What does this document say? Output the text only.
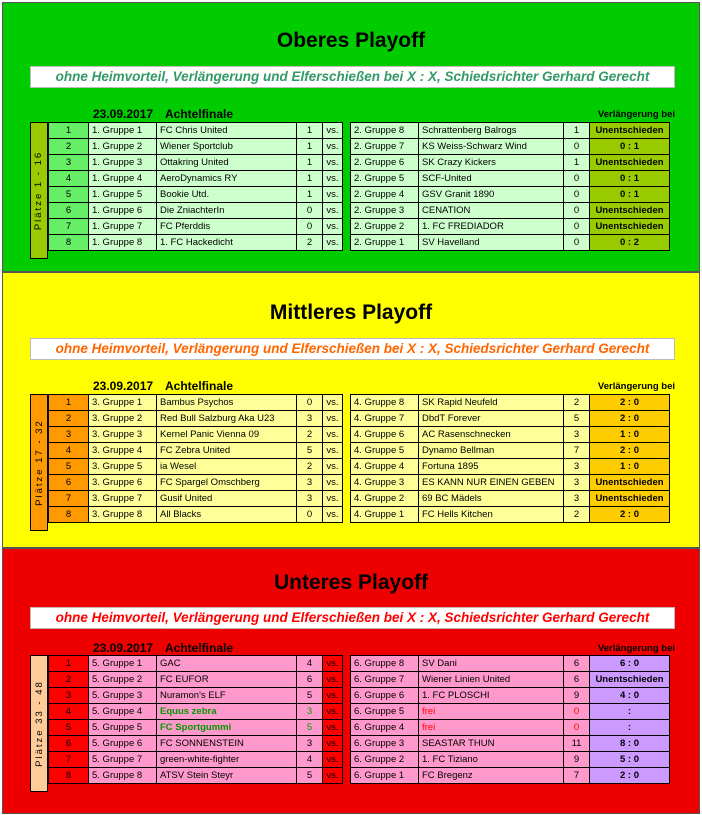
Oberes Playoff
ohne Heimvorteil, Verlängerung und Elferschießen bei X : X, Schiedsrichter Gerhard Gerecht
23.09.2017 Achtelfinale	Verlängerung bei
Plätze 1 - 16
1	1. Gruppe 1	FC Chris United	1	vs.		2. Gruppe 8	Schrattenberg Balrogs	1	Unentschieden
2	1. Gruppe 2	Wiener Sportclub	1	vs.		2. Gruppe 7	KS Weiss-Schwarz Wind	0	0 : 1
3	1. Gruppe 3	Ottakring United	1	vs.		2. Gruppe 6	SK Crazy Kickers	1	Unentschieden
4	1. Gruppe 4	AeroDynamics RY	1	vs.		2. Gruppe 5	SCF-United	0	0 : 1
5	1. Gruppe 5	Bookie Utd.	1	vs.		2. Gruppe 4	GSV Granit 1890	0	0 : 1
6	1. Gruppe 6	Die ZniachterIn	0	vs.		2. Gruppe 3	CENATION	0	Unentschieden
7	1. Gruppe 7	FC Pferddis	0	vs.		2. Gruppe 2	1. FC FREDIADOR	0	Unentschieden
8	1. Gruppe 8	1. FC Hackedicht	2	vs.		2. Gruppe 1	SV Havelland	0	0 : 2
Mittleres Playoff
ohne Heimvorteil, Verlängerung und Elferschießen bei X : X, Schiedsrichter Gerhard Gerecht
23.09.2017 Achtelfinale	Verlängerung bei
Plätze 17 - 32
1	3. Gruppe 1	Bambus Psychos	0	vs.		4. Gruppe 8	SK Rapid Neufeld	2	2 : 0
2	3. Gruppe 2	Red Bull Salzburg Aka U23	3	vs.		4. Gruppe 7	DbdT Forever	5	2 : 0
3	3. Gruppe 3	Kernel Panic Vienna 09	2	vs.		4. Gruppe 6	AC Rasenschnecken	3	1 : 0
4	3. Gruppe 4	FC Zebra United	5	vs.		4. Gruppe 5	Dynamo Bellman	7	2 : 0
5	3. Gruppe 5	ia Wesel	2	vs.		4. Gruppe 4	Fortuna 1895	3	1 : 0
6	3. Gruppe 6	FC Spargel Omschberg	3	vs.		4. Gruppe 3	ES KANN NUR EINEN GEBEN	3	Unentschieden
7	3. Gruppe 7	Gusif United	3	vs.		4. Gruppe 2	69 BC Mädels	3	Unentschieden
8	3. Gruppe 8	All Blacks	0	vs.		4. Gruppe 1	FC Hells Kitchen	2	2 : 0
Unteres Playoff
ohne Heimvorteil, Verlängerung und Elferschießen bei X : X, Schiedsrichter Gerhard Gerecht
23.09.2017 Achtelfinale	Verlängerung bei
Plätze 33 - 48
1	5. Gruppe 1	GAC	4	vs.		6. Gruppe 8	SV Dani	6	6 : 0
2	5. Gruppe 2	FC EUFOR	6	vs.		6. Gruppe 7	Wiener Linien United	6	Unentschieden
3	5. Gruppe 3	Nuramon's ELF	5	vs.		6. Gruppe 6	1. FC PLOSCHI	9	4 : 0
4	5. Gruppe 4	Equus zebra	3	vs.		6. Gruppe 5	frei	0	:
5	5. Gruppe 5	FC Sportgummi	5	vs.		6. Gruppe 4	frei	0	:
6	5. Gruppe 6	FC SONNENSTEIN	3	vs.		6. Gruppe 3	SEASTAR THUN	11	8 : 0
7	5. Gruppe 7	green-white-fighter	4	vs.		6. Gruppe 2	1. FC Tiziano	9	5 : 0
8	5. Gruppe 8	ATSV Stein Steyr	5	vs.		6. Gruppe 1	FC Bregenz	7	2 : 0
